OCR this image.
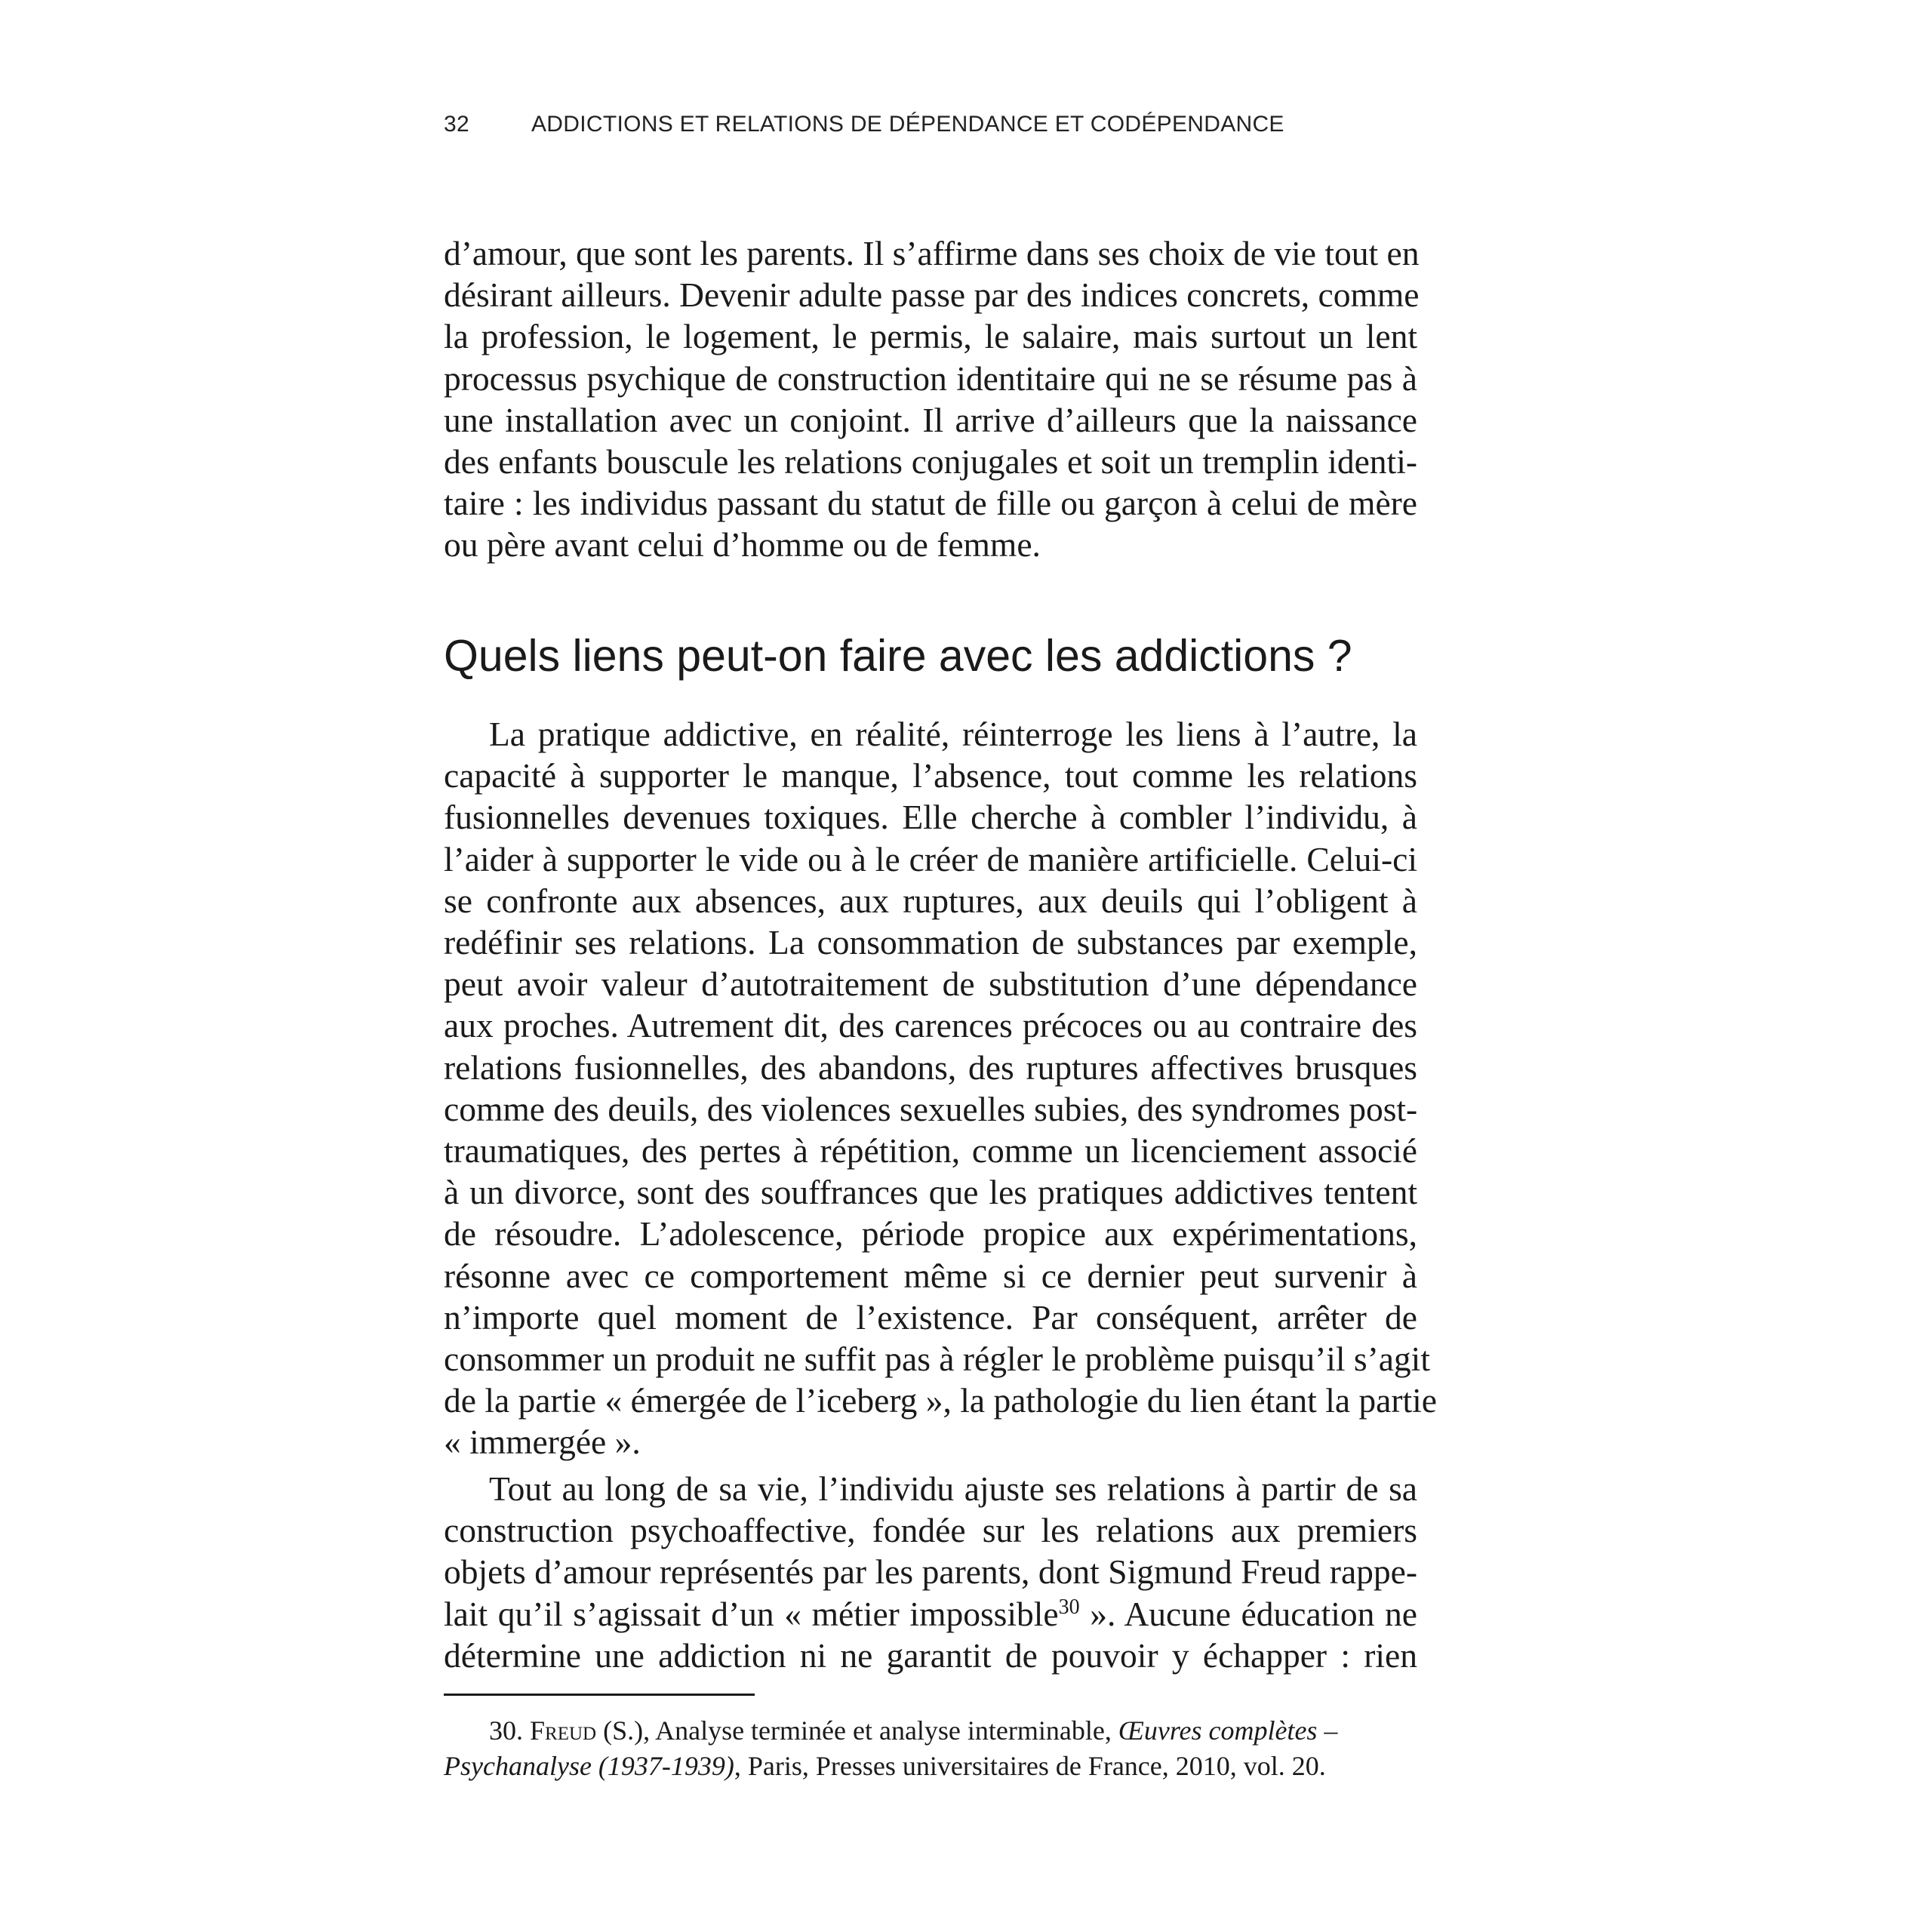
32	ADDICTIONS ET RELATIONS DE DÉPENDANCE ET CODÉPENDANCE

d’amour, que sont les parents. Il s’affirme dans ses choix de vie tout en
désirant ailleurs. Devenir adulte passe par des indices concrets, comme
la profession, le logement, le permis, le salaire, mais surtout un lent
processus psychique de construction identitaire qui ne se résume pas à
une installation avec un conjoint. Il arrive d’ailleurs que la naissance
des enfants bouscule les relations conjugales et soit un tremplin identi-
taire : les individus passant du statut de fille ou garçon à celui de mère
ou père avant celui d’homme ou de femme.

Quels liens peut-on faire avec les addictions ?

La pratique addictive, en réalité, réinterroge les liens à l’autre, la
capacité à supporter le manque, l’absence, tout comme les relations
fusionnelles devenues toxiques. Elle cherche à combler l’individu, à
l’aider à supporter le vide ou à le créer de manière artificielle. Celui-ci
se confronte aux absences, aux ruptures, aux deuils qui l’obligent à
redéfinir ses relations. La consommation de substances par exemple,
peut avoir valeur d’autotraitement de substitution d’une dépendance
aux proches. Autrement dit, des carences précoces ou au contraire des
relations fusionnelles, des abandons, des ruptures affectives brusques
comme des deuils, des violences sexuelles subies, des syndromes post-
traumatiques, des pertes à répétition, comme un licenciement associé
à un divorce, sont des souffrances que les pratiques addictives tentent
de résoudre. L’adolescence, période propice aux expérimentations,
résonne avec ce comportement même si ce dernier peut survenir à
n’importe quel moment de l’existence. Par conséquent, arrêter de
consommer un produit ne suffit pas à régler le problème puisqu’il s’agit
de la partie « émergée de l’iceberg », la pathologie du lien étant la partie
« immergée ».

Tout au long de sa vie, l’individu ajuste ses relations à partir de sa
construction psychoaffective, fondée sur les relations aux premiers
objets d’amour représentés par les parents, dont Sigmund Freud rappe-
lait qu’il s’agissait d’un « métier impossible$^{30}$ ». Aucune éducation ne
détermine une addiction ni ne garantit de pouvoir y échapper : rien

30. Freud (S.), Analyse terminée et analyse interminable, Œuvres complètes –
Psychanalyse (1937-1939), Paris, Presses universitaires de France, 2010, vol. 20.
